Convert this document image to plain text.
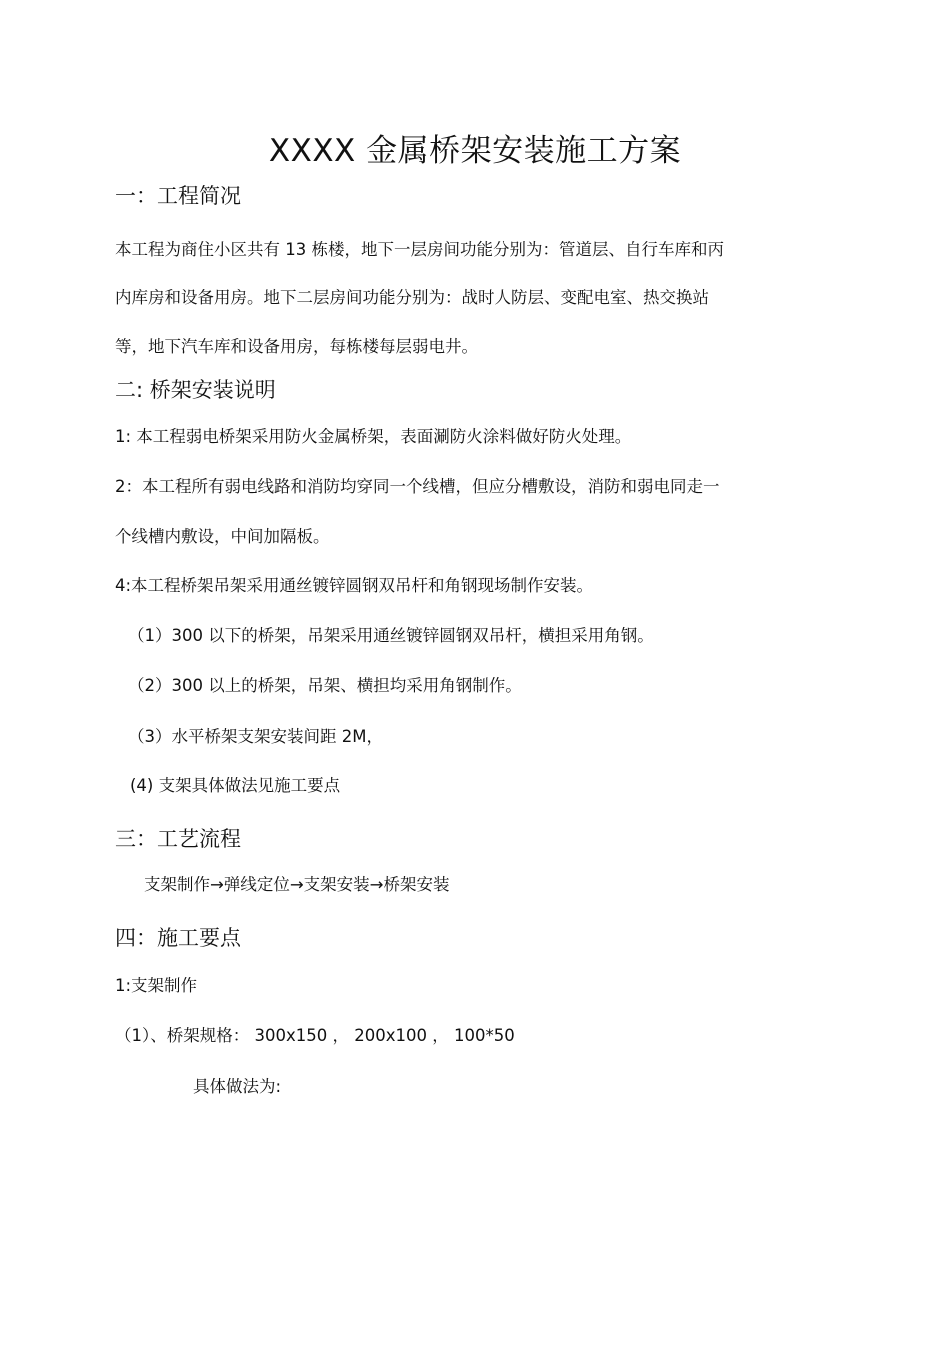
XXXX 金属桥架安装施工方案
一：工程简况
本工程为商住小区共有 13 栋楼，地下一层房间功能分别为：管道层、自行车库和丙
内库房和设备用房。地下二层房间功能分别为：战时人防层、变配电室、热交换站
等，地下汽车库和设备用房，每栋楼每层弱电井。
二: 桥架安装说明
1: 本工程弱电桥架采用防火金属桥架，表面涮防火涂料做好防火处理。
2：本工程所有弱电线路和消防均穿同一个线槽，但应分槽敷设，消防和弱电同走一
个线槽内敷设，中间加隔板。
4:本工程桥架吊架采用通丝镀锌圆钢双吊杆和角钢现场制作安装。
（1）300 以下的桥架，吊架采用通丝镀锌圆钢双吊杆，横担采用角钢。
（2）300 以上的桥架，吊架、横担均采用角钢制作。
（3）水平桥架支架安装间距 2M，
(4) 支架具体做法见施工要点
三：工艺流程
支架制作→弹线定位→支架安装→桥架安装
四：施工要点
1:支架制作
（1）、桥架规格： 300x150 ， 200x100 ， 100*50
具体做法为:
